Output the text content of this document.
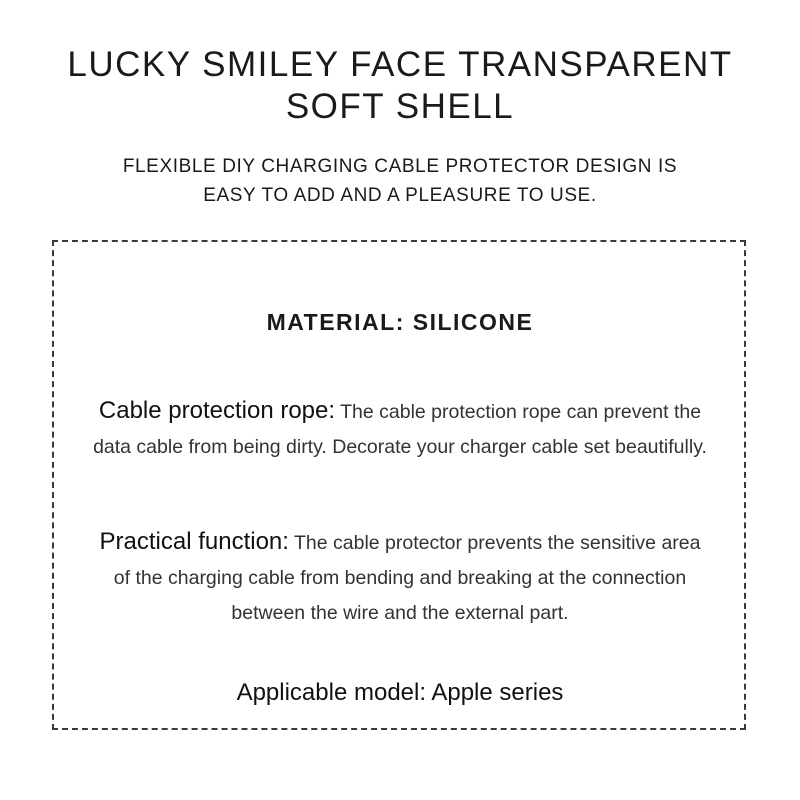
LUCKY SMILEY FACE TRANSPARENT
SOFT SHELL

FLEXIBLE DIY CHARGING CABLE PROTECTOR DESIGN IS
EASY TO ADD AND A PLEASURE TO USE.

MATERIAL: SILICONE

Cable protection rope: The cable protection rope can prevent the data cable from being dirty. Decorate your charger cable set beautifully.

Practical function: The cable protector prevents the sensitive area of the charging cable from bending and breaking at the connection between the wire and the external part.

Applicable model: Apple series
